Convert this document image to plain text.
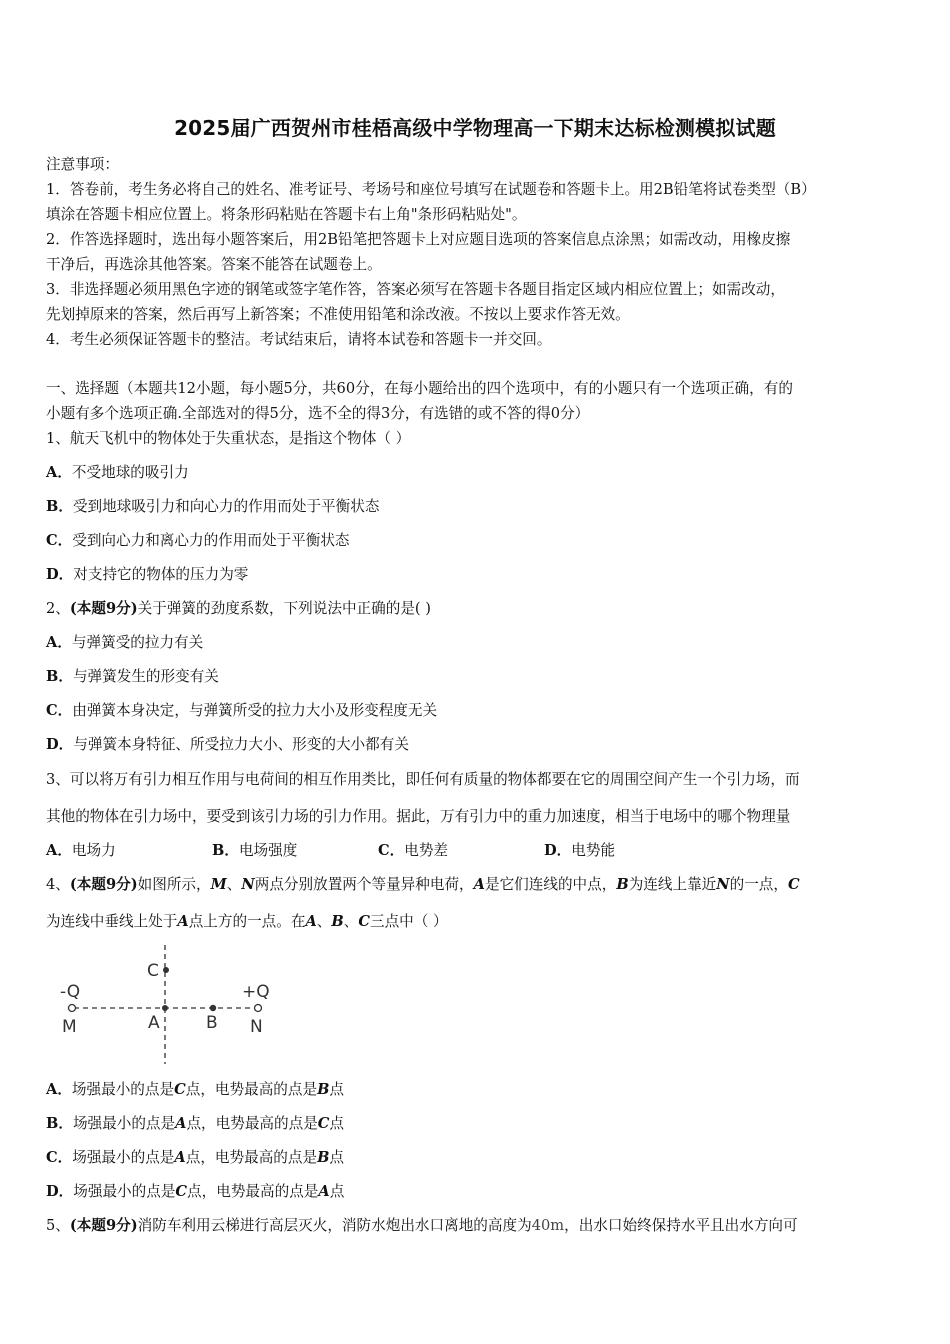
2025届广西贺州市桂梧高级中学物理高一下期末达标检测模拟试题
注意事项：
1．答卷前，考生务必将自己的姓名、准考证号、考场号和座位号填写在试题卷和答题卡上。用2B铅笔将试卷类型（B）
填涂在答题卡相应位置上。将条形码粘贴在答题卡右上角"条形码粘贴处"。
2．作答选择题时，选出每小题答案后，用2B铅笔把答题卡上对应题目选项的答案信息点涂黑；如需改动，用橡皮擦
干净后，再选涂其他答案。答案不能答在试题卷上。
3．非选择题必须用黑色字迹的钢笔或签字笔作答，答案必须写在答题卡各题目指定区域内相应位置上；如需改动，
先划掉原来的答案，然后再写上新答案；不准使用铅笔和涂改液。不按以上要求作答无效。
4．考生必须保证答题卡的整洁。考试结束后，请将本试卷和答题卡一并交回。
一、选择题（本题共12小题，每小题5分，共60分，在每小题给出的四个选项中，有的小题只有一个选项正确，有的
小题有多个选项正确.全部选对的得5分，选不全的得3分，有选错的或不答的得0分）
1、航天飞机中的物体处于失重状态，是指这个物体（ ）
A．不受地球的吸引力
B．受到地球吸引力和向心力的作用而处于平衡状态
C．受到向心力和离心力的作用而处于平衡状态
D．对支持它的物体的压力为零
2、(本题9分)关于弹簧的劲度系数，下列说法中正确的是( )
A．与弹簧受的拉力有关
B．与弹簧发生的形变有关
C．由弹簧本身决定，与弹簧所受的拉力大小及形变程度无关
D．与弹簧本身特征、所受拉力大小、形变的大小都有关
3、可以将万有引力相互作用与电荷间的相互作用类比，即任何有质量的物体都要在它的周围空间产生一个引力场，而
其他的物体在引力场中，要受到该引力场的引力作用。据此，万有引力中的重力加速度，相当于电场中的哪个物理量
A．电场力	B．电场强度	C．电势差	D．电势能
4、(本题9分)如图所示，M、N两点分别放置两个等量异种电荷，A是它们连线的中点，B为连线上靠近N的一点，C
为连线中垂线上处于A点上方的一点。在A、B、C三点中（ ）
-Q	+Q
M	A	B N
C
A．场强最小的点是C点，电势最高的点是B点
B．场强最小的点是A点，电势最高的点是C点
C．场强最小的点是A点，电势最高的点是B点
D．场强最小的点是C点，电势最高的点是A点
5、(本题9分)消防车利用云梯进行高层灭火，消防水炮出水口离地的高度为40m，出水口始终保持水平且出水方向可
